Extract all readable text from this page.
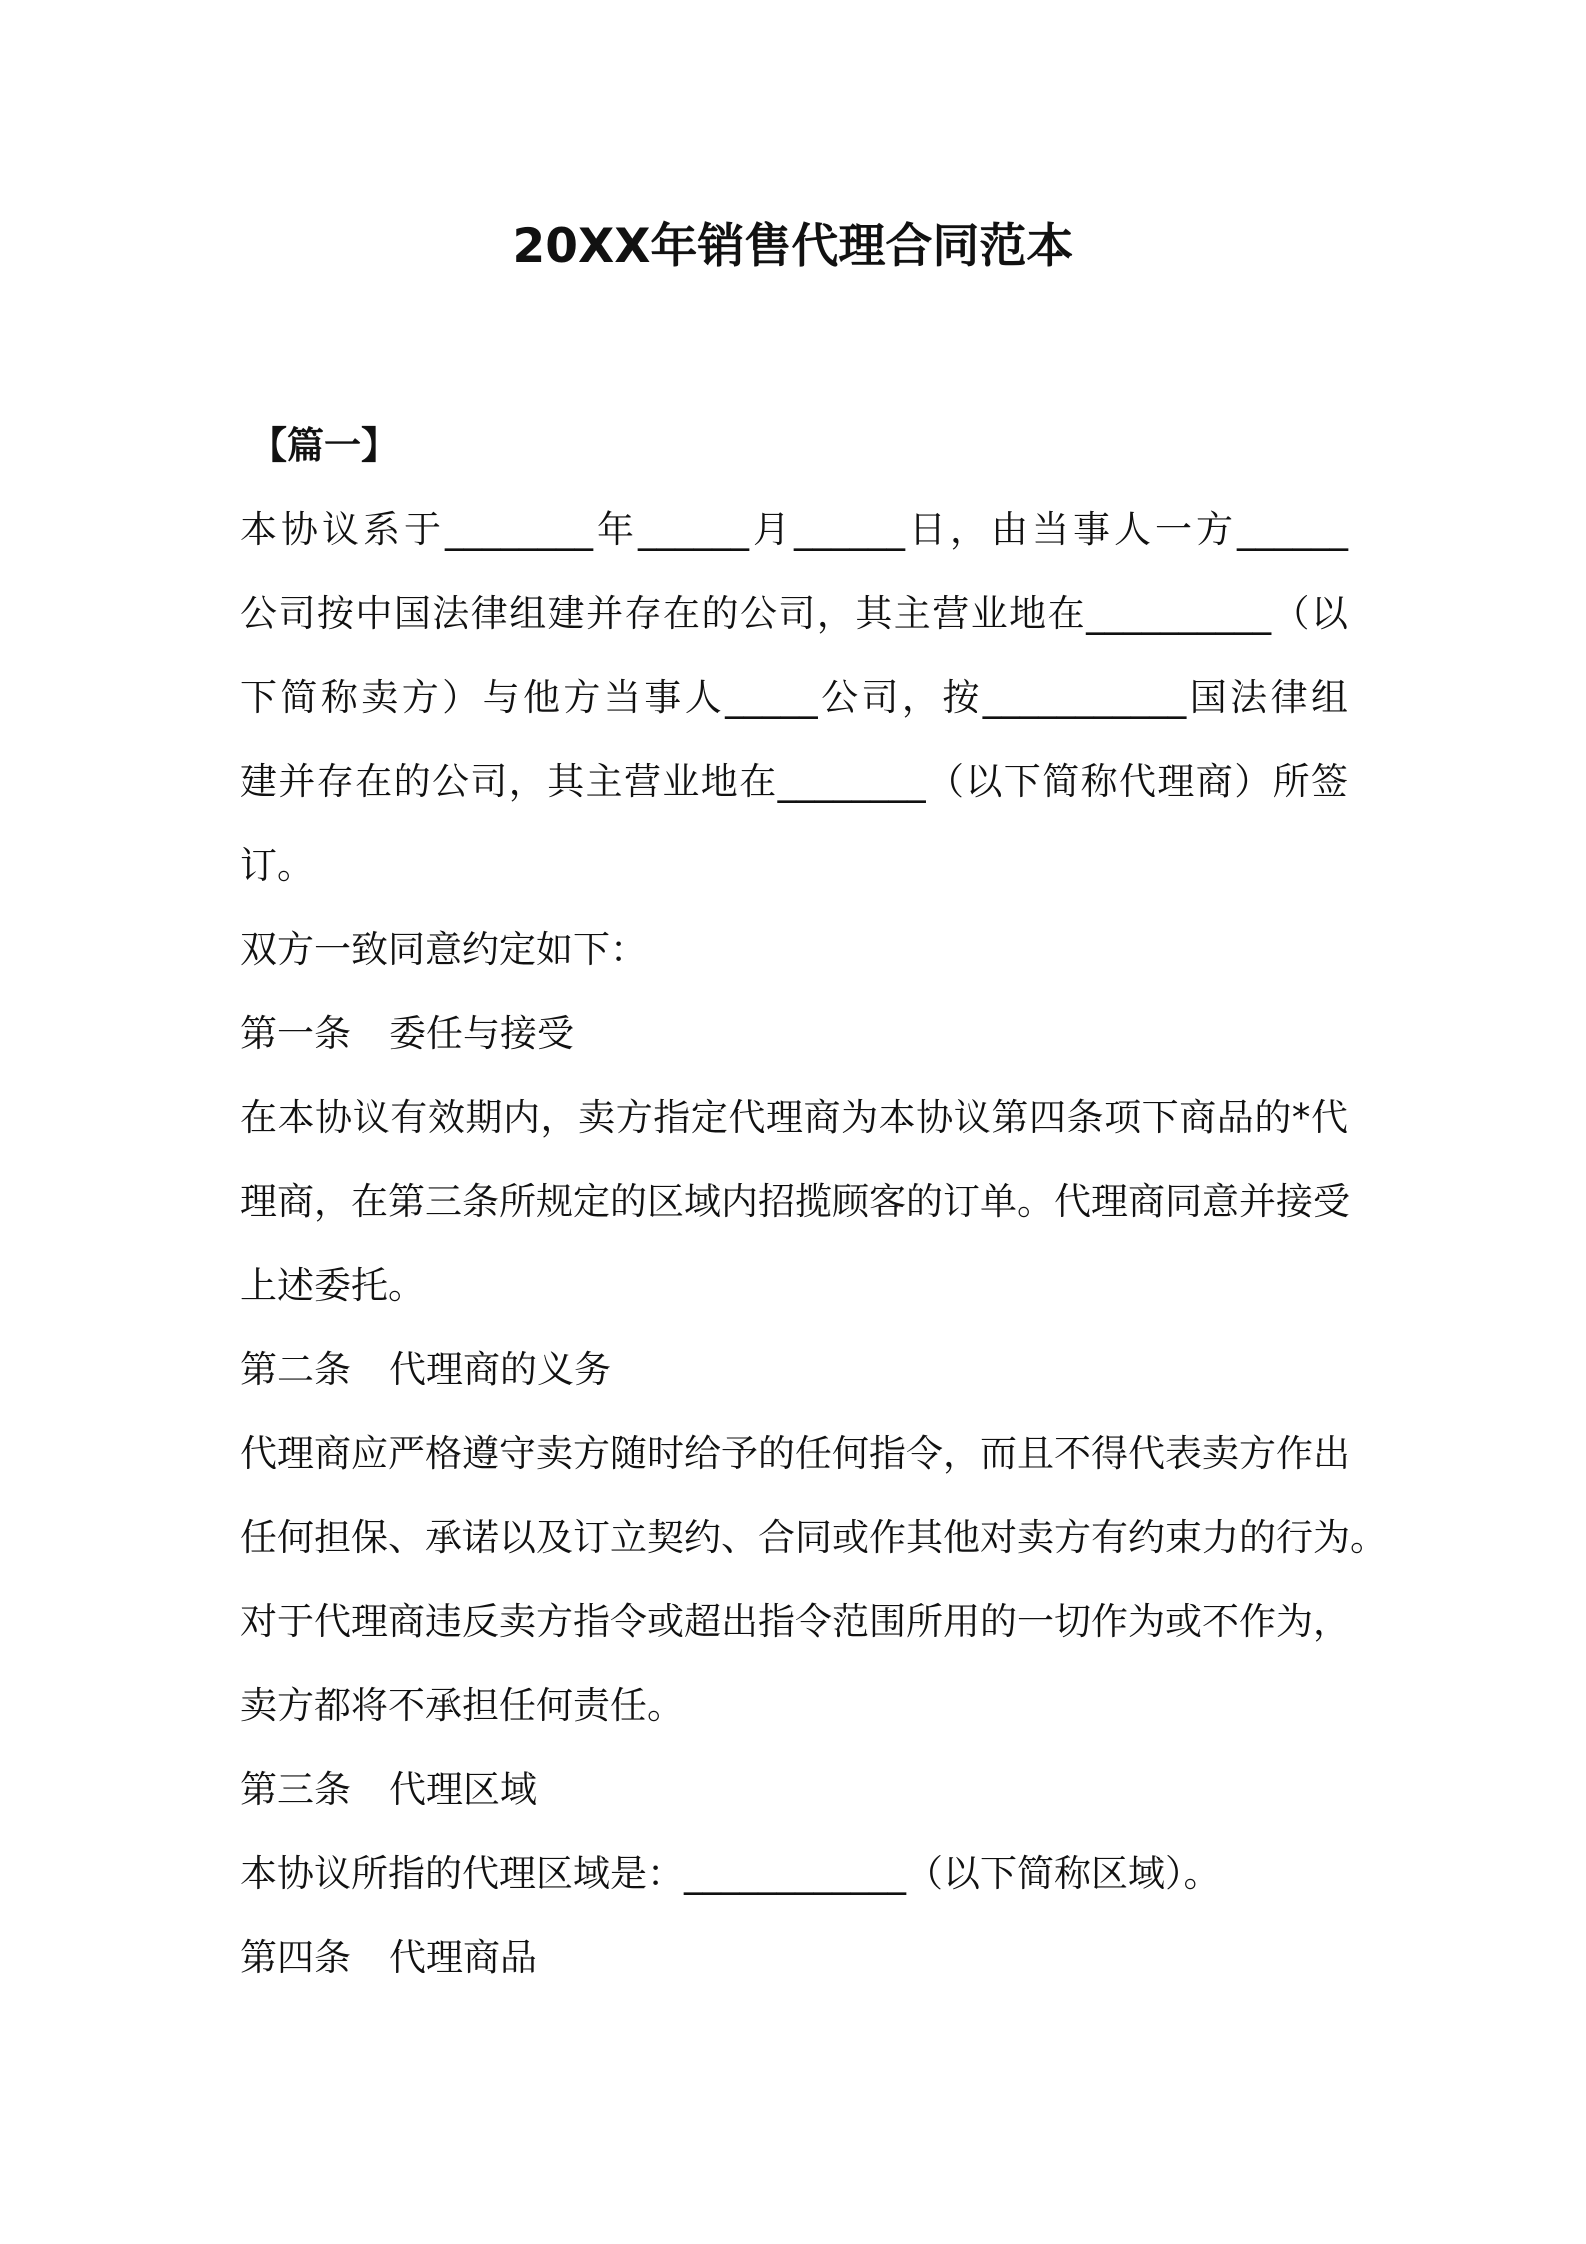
20XX年销售代理合同范本
【篇一】
本协议系于________年______月______日，由当事人一方______
公司按中国法律组建并存在的公司，其主营业地在__________（以
下简称卖方）与他方当事人_____公司，按___________国法律组
建并存在的公司，其主营业地在________（以下简称代理商）所签
订。
双方一致同意约定如下：
第一条 委任与接受
在本协议有效期内，卖方指定代理商为本协议第四条项下商品的*代
理商，在第三条所规定的区域内招揽顾客的订单。代理商同意并接受
上述委托。
第二条 代理商的义务
代理商应严格遵守卖方随时给予的任何指令，而且不得代表卖方作出
任何担保、承诺以及订立契约、合同或作其他对卖方有约束力的行为。
对于代理商违反卖方指令或超出指令范围所用的一切作为或不作为，
卖方都将不承担任何责任。
第三条 代理区域
本协议所指的代理区域是：____________（以下简称区域）。
第四条 代理商品
